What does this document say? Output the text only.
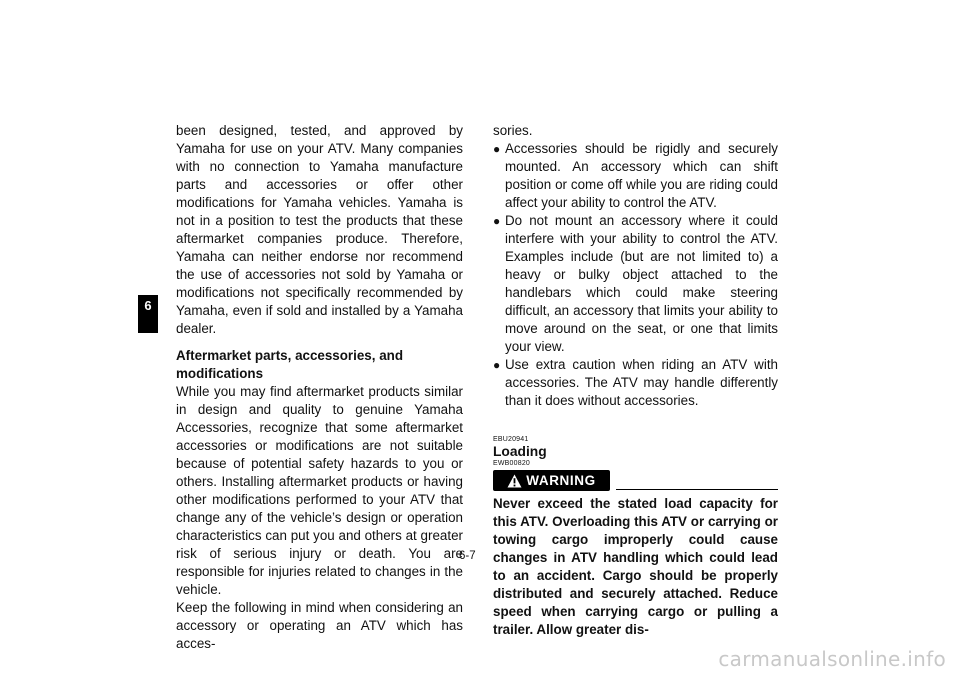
6

been designed, tested, and approved by Yamaha for use on your ATV. Many companies with no connection to Yamaha manufacture parts and accessories or offer other modifications for Yamaha vehicles. Yamaha is not in a position to test the products that these aftermarket companies produce. Therefore, Yamaha can neither endorse nor recommend the use of accessories not sold by Yamaha or modifications not specifically recommended by Yamaha, even if sold and installed by a Yamaha dealer.

Aftermarket parts, accessories, and modifications

While you may find aftermarket products similar in design and quality to genuine Yamaha Accessories, recognize that some aftermarket accessories or modifications are not suitable because of potential safety hazards to you or others. Installing aftermarket products or having other modifications performed to your ATV that change any of the vehicle’s design or operation characteristics can put you and others at greater risk of serious injury or death. You are responsible for injuries related to changes in the vehicle.

Keep the following in mind when considering an accessory or operating an ATV which has acces-

sories.

● Accessories should be rigidly and securely mounted. An accessory which can shift position or come off while you are riding could affect your ability to control the ATV.
● Do not mount an accessory where it could interfere with your ability to control the ATV. Examples include (but are not limited to) a heavy or bulky object attached to the handlebars which could make steering difficult, an accessory that limits your ability to move around on the seat, or one that limits your view.
● Use extra caution when riding an ATV with accessories. The ATV may handle differently than it does without accessories.
EBU20941
Loading
EWB00820
WARNING
Never exceed the stated load capacity for this ATV. Overloading this ATV or carrying or towing cargo improperly could cause changes in ATV handling which could lead to an accident. Cargo should be properly distributed and securely attached. Reduce speed when carrying cargo or pulling a trailer. Allow greater dis-
6-7
carmanualsonline.info
